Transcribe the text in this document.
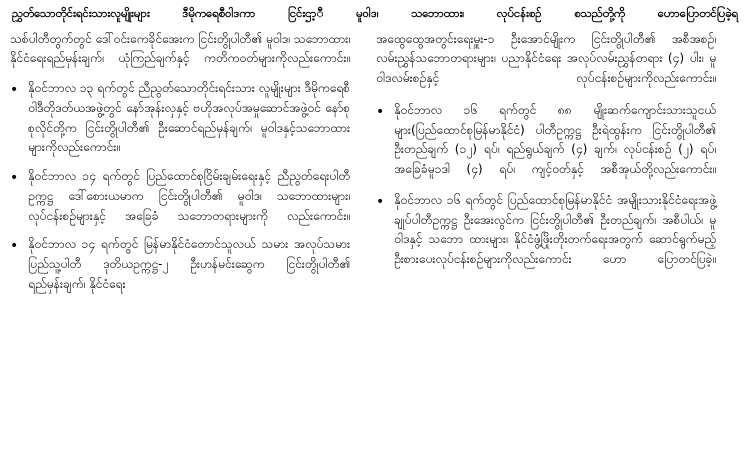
ညွှတ်သောတိုင်းရင်းသားလူမျိုးများ ဒီမိုကရေစီဝါဒကာ ငြင်းဌာ့ီ မူဝါဒ၊ သဘောထား၊ လုပ်ငန်းစဉ် စသည်တို့ကို ဟောပြောတင်ပြခဲ့ရ
သစ်ပါတီတွက်တွင် ဒေါ်ဝင်းကေခိုင်အေးက ငြင်းတွိုပါတီ၏ မူဝါဒ၊ သဘောထား၊ နိုင်ငံရေးရည်မှန်းချက်၊ ယုံကြည်ချက်နှင့် ကတိကဝတ်များကိုလည်းကောင်း။
• နိုဝင်ဘာလ ၁၃ ရက်တွင် ညီညွတ်သောတိုင်းရင်းသား လူမျိုးများ ဒီမိုကရေစီဝါဒီတိုဒတ်ယအဖွဲ့တွင် နော်အုန်းလှနှင့် ဗဟိုအလုပ်အမှုဆောင်အဖွဲ့ဝင် နော်စုစုလိုင်တို့က ငြင်းတွိုပါတီ၏ ဦးဆောင်ရည်မှန်ချက်၊ မူဝါဒနှင့်သဘောထားများကိုလည်းကောင်း။
• နိုဝင်ဘာလ ၁၄ ရက်တွင် ပြည်ထောင်စုငြိမ်းချမ်းရေးနှင့် ညီညွတ်ရေးပါတီဥက္ကဋ္ဌ ဒေါ်စေားယမာက ငြင်းတွိုပါတီ၏ မူဝါဒ၊ သဘောထားများ၊ လုပ်ငန်းစဉ်များနှင့် အခြေခံ သဘောတရားများကို လည်းကောင်း။
• နိုဝင်ဘာလ ၁၄ ရက်တွင် မြန်မာနိုင်ငံတောင်သူလယ် သမား အလုပ်သမားပြည်သူ့ပါတီ ဒုတိယဥက္ကဋ္ဌ-၂ ဦးဟန်မင်းဆွေက ငြင်းတွိုပါတီ၏ ရည်မှန်းချက်၊ နိုင်ငံရေး
အထွေထွေအတွင်းရေးမှူး-၁ ဦးအောင်မျိုးက ငြင်းတွိုပါတီ၏ အစီအစဉ်၊ လမ်းညွှန်သဘောတရားများ၊ ပညာနိုင်ငံရေး အလုပ်လမ်းညွှန်တရား (၄) ပါး၊ မူဝါဒလမ်းစဉ်နှင့် လုပ်ငန်းစဉ်များကိုလည်းကောင်း။
• နိုဝင်ဘာလ ၁၆ ရက်တွင် ၈၈ မျိုးဆက်ကျောင်းသားသူငယ် များ(ပြည်ထောင်စုမြန်မာနိုင်ငံ) ပါတီဥက္ကဋ္ဌ ဦးရဲထွန်းက ငြင်းတွိုပါတီ၏ ဦးတည်ချက် (၁၂) ရပ်၊ ရည်ရွယ်ချက် (၄) ချက်၊ လုပ်ငန်းစဉ် (၂) ရပ်၊ အခြေခံမူ၁ဒါ (၄) ရပ်၊ ကျင့်ဝတ်နှင့် အစီအုယ်တို့လည်းကောင်း။
• နိုဝင်ဘာလ ၁၆ ရက်တွင် ပြည်ထောင်စုမြန်မာနိုင်ငံ အမျိုးသားနိုင်ငံရေးအဖွဲ့ချုပ်ပါတီဥက္ကဋ္ဌ ဦးအေးလွင်က ငြင်းတွိုပါတီ၏ ဦးတည်ချက်၊ အစီပါယ်၊ မူဝါဒနှင့် သဘော ထားများ၊ နိုင်ငံဖွံ့ဖြိုးတိုးတက်ရေးအတွက် ဆောင်ရွက်မည့်ဦးစားပေးလုပ်ငန်းစဉ်များကိုလည်းကောင်း ဟော ပြောတင်ပြခဲ့။
